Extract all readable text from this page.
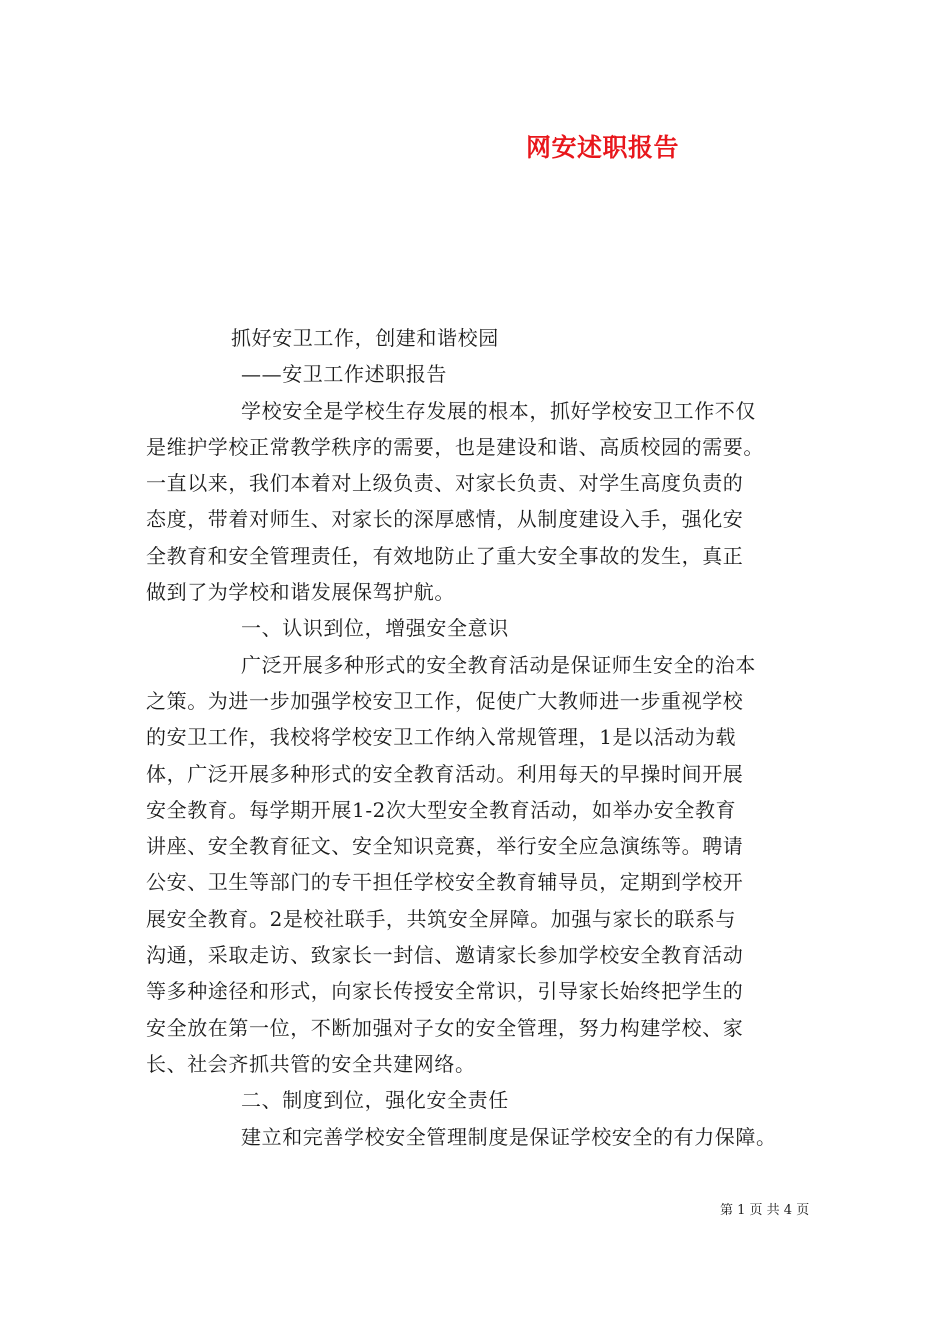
网安述职报告
抓好安卫工作，创建和谐校园
——安卫工作述职报告
学校安全是学校生存发展的根本，抓好学校安卫工作不仅
是维护学校正常教学秩序的需要，也是建设和谐、高质校园的需要。
一直以来，我们本着对上级负责、对家长负责、对学生高度负责的
态度，带着对师生、对家长的深厚感情，从制度建设入手，强化安
全教育和安全管理责任，有效地防止了重大安全事故的发生，真正
做到了为学校和谐发展保驾护航。
一、认识到位，增强安全意识
广泛开展多种形式的安全教育活动是保证师生安全的治本
之策。为进一步加强学校安卫工作，促使广大教师进一步重视学校
的安卫工作，我校将学校安卫工作纳入常规管理，1是以活动为载
体，广泛开展多种形式的安全教育活动。利用每天的早操时间开展
安全教育。每学期开展1-2次大型安全教育活动，如举办安全教育
讲座、安全教育征文、安全知识竞赛，举行安全应急演练等。聘请
公安、卫生等部门的专干担任学校安全教育辅导员，定期到学校开
展安全教育。2是校社联手，共筑安全屏障。加强与家长的联系与
沟通，采取走访、致家长一封信、邀请家长参加学校安全教育活动
等多种途径和形式，向家长传授安全常识，引导家长始终把学生的
安全放在第一位，不断加强对子女的安全管理，努力构建学校、家
长、社会齐抓共管的安全共建网络。
二、制度到位，强化安全责任
建立和完善学校安全管理制度是保证学校安全的有力保障。
第 1 页 共 4 页
